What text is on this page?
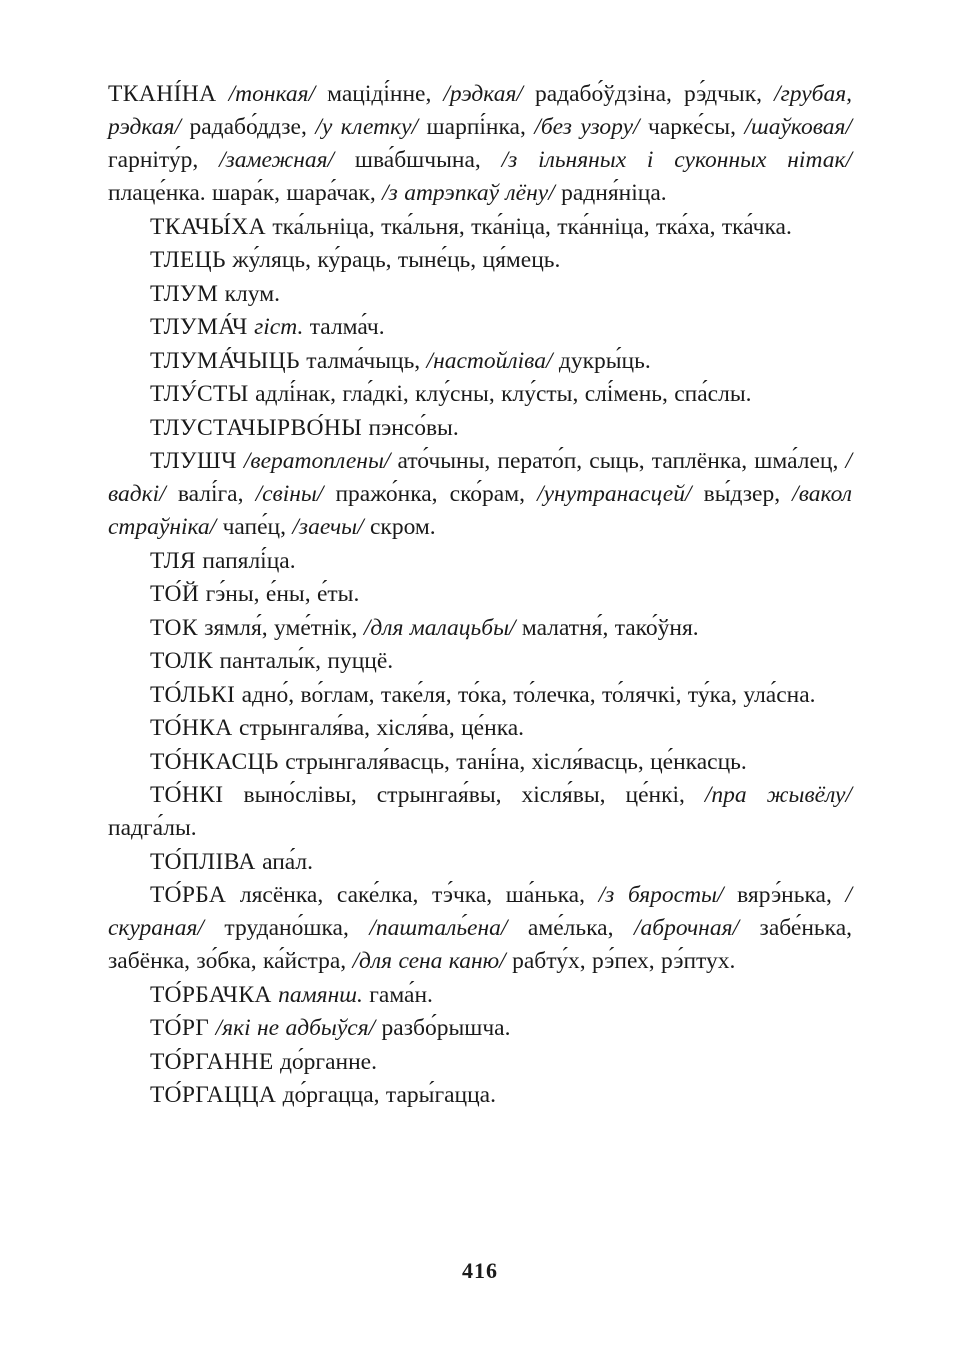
ТКАНІ́НА /тонкая/ маціді́нне, /рэдкая/ радабо́ўдзіна, рэ́дчык, /грубая, рэдкая/ радабо́ддзе, /у клетку/ шарпі́нка, /без узору/ чарке́сы, /шаўковая/ гарніту́р, /замежная/ шва́бшчына, /з ільняных і суконных нітак/ плаце́нка. шара́к, шара́чак, /з атрэпкаў лёну/ радня́ніца.

ТКАЧЫ́ХА тка́льніца, тка́льня, тка́ніца, тка́нніца, тка́ха, тка́чка.

ТЛЕЦЬ жу́ляць, ку́раць, тыне́ць, ця́мець.

ТЛУМ клум.

ТЛУМА́Ч гіст. талма́ч.

ТЛУМА́ЧЫЦЬ талма́чыць, /настойліва/ дукры́ць.

ТЛУ́СТЫ адлі́нак, гла́дкі, клу́сны, клу́сты, слі́мень, спа́слы.

ТЛУСТАЧЫРВО́НЫ пэнсо́вы.

ТЛУШЧ /вератоплены/ ато́чыны, перато́п, сыць, таплёнка, шма́лец, /вадкі/ валі́га, /свіны/ пражо́нка, ско́рам, /унутранасцей/ вы́дзер, /вакол страўніка/ чапе́ц, /заечы/ скром.

ТЛЯ папялі́ца.

ТО́Й гэ́ны, е́ны, е́ты.

ТОК зямля́, уме́тнік, /для малацьбы/ малатня́, тако́ўня.

ТОЛК панталы́к, пуццё.

ТО́ЛЬКІ адно́, во́глам, таке́ля, то́ка, то́лечка, то́лячкі, ту́ка, ула́сна.

ТО́НКА стрынгаля́ва, хісля́ва, це́нка.

ТО́НКАСЦЬ стрынгаля́васць, тані́на, хісля́васць, це́нкасць.

ТО́НКІ выно́слівы, стрынгая́вы, хісля́вы, це́нкі, /пра жывёлу/ падга́лы.

ТО́ПЛІВА апа́л.

ТО́РБА лясёнка, саке́лка, тэ́чка, ша́нька, /з бяросты/ вярэ́нька, /скураная/ трудано́шка, /пашталь́ена/ аме́лька, /аброчная/ забе́нька, забёнка, зо́бка, ка́йстра, /для сена каню/ рабту́х, рэ́пех, рэ́птух.

ТО́РБАЧКА памянш. гама́н.

ТО́РГ /які не адбыўся/ разбо́рышча.

ТО́РГАННЕ до́рганне.

ТО́РГАЦЦА до́ргацца, тары́гацца.

416
